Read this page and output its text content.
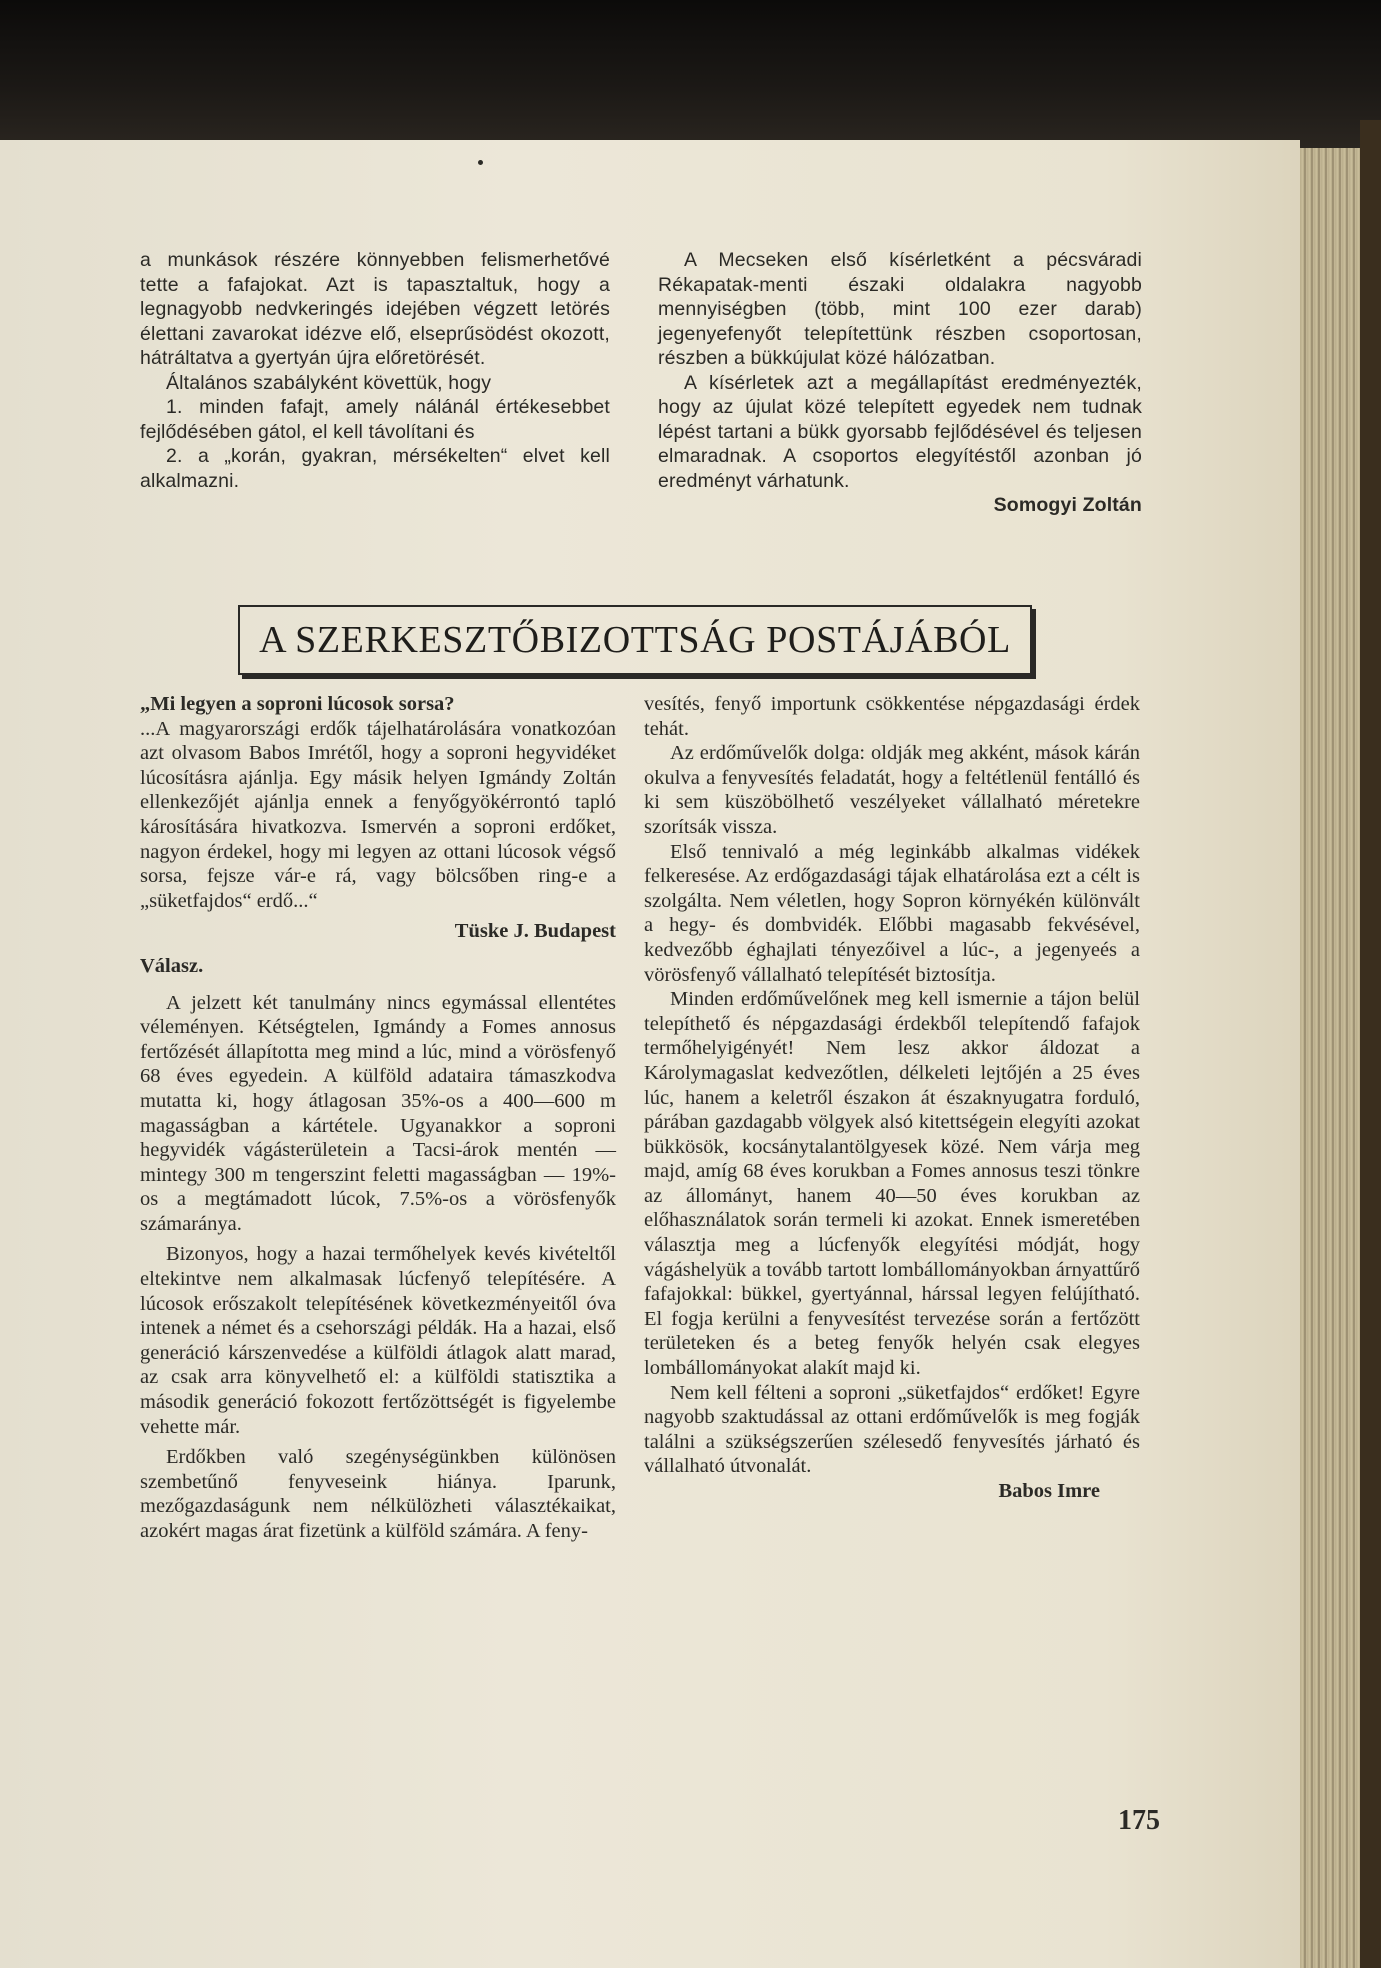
a munkások részére könnyebben felismerhetővé tette a fafajokat. Azt is tapasztaltuk, hogy a legnagyobb nedvkeringés idejében végzett letörés élettani zavarokat idézve elő, elseprűsödést okozott, hátráltatva a gyertyán újra előretörését.

Általános szabályként követtük, hogy

1. minden fafajt, amely nálánál értékesebbet fejlődésében gátol, el kell távolítani és

2. a „korán, gyakran, mérsékelten“ elvet kell alkalmazni.

A Mecseken első kísérletként a pécsváradi Rékapatak-menti északi oldalakra nagyobb mennyiségben (több, mint 100 ezer darab) jegenyefenyőt telepítettünk részben csoportosan, részben a bükkújulat közé hálózatban.

A kísérletek azt a megállapítást eredményezték, hogy az újulat közé telepített egyedek nem tudnak lépést tartani a bükk gyorsabb fejlődésével és teljesen elmaradnak. A csoportos elegyítéstől azonban jó eredményt várhatunk.

Somogyi Zoltán

A SZERKESZTŐBIZOTTSÁG POSTÁJÁBÓL

„Mi legyen a soproni lúcosok sorsa?

...A magyarországi erdők tájelhatárolására vonatkozóan azt olvasom Babos Imrétől, hogy a soproni hegyvidéket lúcosításra ajánlja. Egy másik helyen Igmándy Zoltán ellenkezőjét ajánlja ennek a fenyőgyökérrontó tapló károsítására hivatkozva. Ismervén a soproni erdőket, nagyon érdekel, hogy mi legyen az ottani lúcosok végső sorsa, fejsze vár-e rá, vagy bölcsőben ring-e a „süketfajdos“ erdő...“

Tüske J. Budapest

Válasz.

A jelzett két tanulmány nincs egymással ellentétes véleményen. Kétségtelen, Igmándy a Fomes annosus fertőzését állapította meg mind a lúc, mind a vörösfenyő 68 éves egyedein. A külföld adataira támaszkodva mutatta ki, hogy átlagosan 35%-os a 400—600 m magasságban a kártétele. Ugyanakkor a soproni hegyvidék vágásterületein a Tacsi-árok mentén — mintegy 300 m tengerszint feletti magasságban — 19%-os a megtámadott lúcok, 7.5%-os a vörösfenyők számaránya.

Bizonyos, hogy a hazai termőhelyek kevés kivételtől eltekintve nem alkalmasak lúcfenyő telepítésére. A lúcosok erőszakolt telepítésének következményeitől óva intenek a német és a csehországi példák. Ha a hazai, első generáció kárszenvedése a külföldi átlagok alatt marad, az csak arra könyvelhető el: a külföldi statisztika a második generáció fokozott fertőzöttségét is figyelembe vehette már.

Erdőkben való szegénységünkben különösen szembetűnő fenyveseink hiánya. Iparunk, mezőgazdaságunk nem nélkülözheti választékaikat, azokért magas árat fizetünk a külföld számára. A feny-

vesítés, fenyő importunk csökkentése népgazdasági érdek tehát.

Az erdőművelők dolga: oldják meg akként, mások kárán okulva a fenyvesítés feladatát, hogy a feltétlenül fentálló és ki sem küszöbölhető veszélyeket vállalható méretekre szorítsák vissza.

Első tennivaló a még leginkább alkalmas vidékek felkeresése. Az erdőgazdasági tájak elhatárolása ezt a célt is szolgálta. Nem véletlen, hogy Sopron környékén különvált a hegy- és dombvidék. Előbbi magasabb fekvésével, kedvezőbb éghajlati tényezőivel a lúc-, a jegenyeés a vörösfenyő vállalható telepítését biztosítja.

Minden erdőművelőnek meg kell ismernie a tájon belül telepíthető és népgazdasági érdekből telepítendő fafajok termőhelyigényét! Nem lesz akkor áldozat a Károlymagaslat kedvezőtlen, délkeleti lejtőjén a 25 éves lúc, hanem a keletről északon át északnyugatra forduló, párában gazdagabb völgyek alsó kitettségein elegyíti azokat bükkösök, kocsánytalantölgyesek közé. Nem várja meg majd, amíg 68 éves korukban a Fomes annosus teszi tönkre az állományt, hanem 40—50 éves korukban az előhasználatok során termeli ki azokat. Ennek ismeretében választja meg a lúcfenyők elegyítési módját, hogy vágáshelyük a tovább tartott lombállományokban árnyattűrő fafajokkal: bükkel, gyertyánnal, hárssal legyen felújítható. El fogja kerülni a fenyvesítést tervezése során a fertőzött területeken és a beteg fenyők helyén csak elegyes lombállományokat alakít majd ki.

Nem kell félteni a soproni „süketfajdos“ erdőket! Egyre nagyobb szaktudással az ottani erdőművelők is meg fogják találni a szükségszerűen szélesedő fenyvesítés járható és vállalható útvonalát.

Babos Imre

175
